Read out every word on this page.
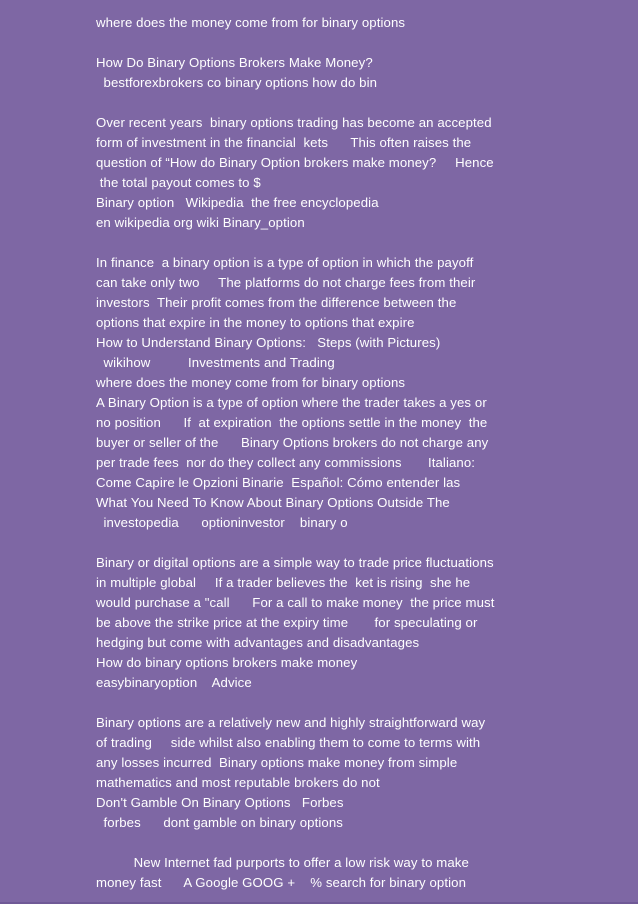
where does the money come from for binary options
How Do Binary Options Brokers Make Money?
bestforexbrokers co binary options how do bin
Over recent years  binary options trading has become an accepted
form of investment in the financial  kets      This often raises the
question of “How do Binary Option brokers make money?     Hence
the total payout comes to $
Binary option   Wikipedia  the free encyclopedia
en wikipedia org wiki Binary_option
In finance  a binary option is a type of option in which the payoff
can take only two     The platforms do not charge fees from their
investors  Their profit comes from the difference between the
options that expire in the money to options that expire
How to Understand Binary Options:   Steps (with Pictures)
wikihow          Investments and Trading
where does the money come from for binary options
A Binary Option is a type of option where the trader takes a yes or
no position      If  at expiration  the options settle in the money  the
buyer or seller of the      Binary Options brokers do not charge any
per trade fees  nor do they collect any commissions       Italiano:
Come Capire le Opzioni Binarie  Español: Cómo entender las
What You Need To Know About Binary Options Outside The
investopedia      optioninvestor    binary o
Binary or digital options are a simple way to trade price fluctuations
in multiple global     If a trader believes the  ket is rising  she he
would purchase a "call      For a call to make money  the price must
be above the strike price at the expiry time       for speculating or
hedging but come with advantages and disadvantages
How do binary options brokers make money
easybinaryoption    Advice
Binary options are a relatively new and highly straightforward way
of trading     side whilst also enabling them to come to terms with
any losses incurred  Binary options make money from simple
mathematics and most reputable brokers do not
Don't Gamble On Binary Options   Forbes
forbes      dont gamble on binary options
New Internet fad purports to offer a low risk way to make
money fast      A Google GOOG +    % search for binary option
